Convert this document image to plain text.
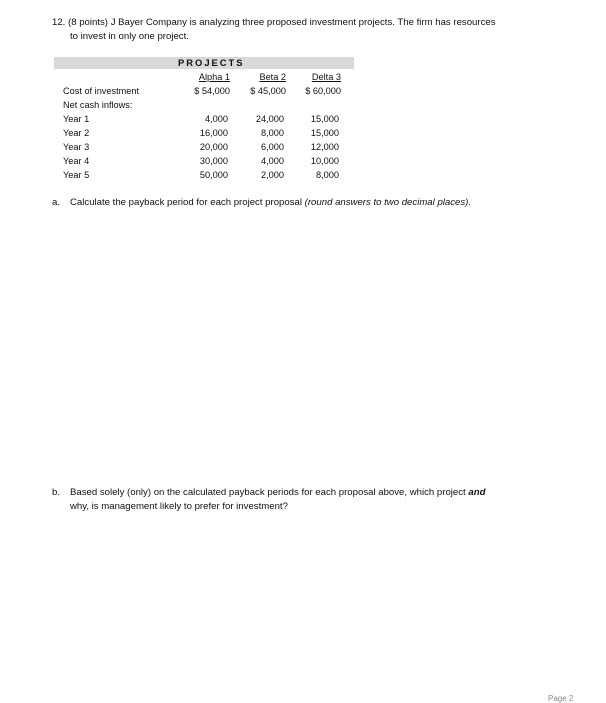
12. (8 points) J Bayer Company is analyzing three proposed investment projects. The firm has resources
to invest in only one project.
PROJECTS
Alpha 1	Beta 2	Delta 3
Cost of investment	$ 54,000	$ 45,000	$ 60,000
Net cash inflows:
Year 1	4,000	24,000	15,000
Year 2	16,000	8,000	15,000
Year 3	20,000	6,000	12,000
Year 4	30,000	4,000	10,000
Year 5	50,000	2,000	8,000
a. Calculate the payback period for each project proposal (round answers to two decimal places).
b. Based solely (only) on the calculated payback periods for each proposal above, which project and
why, is management likely to prefer for investment?
Page 2
